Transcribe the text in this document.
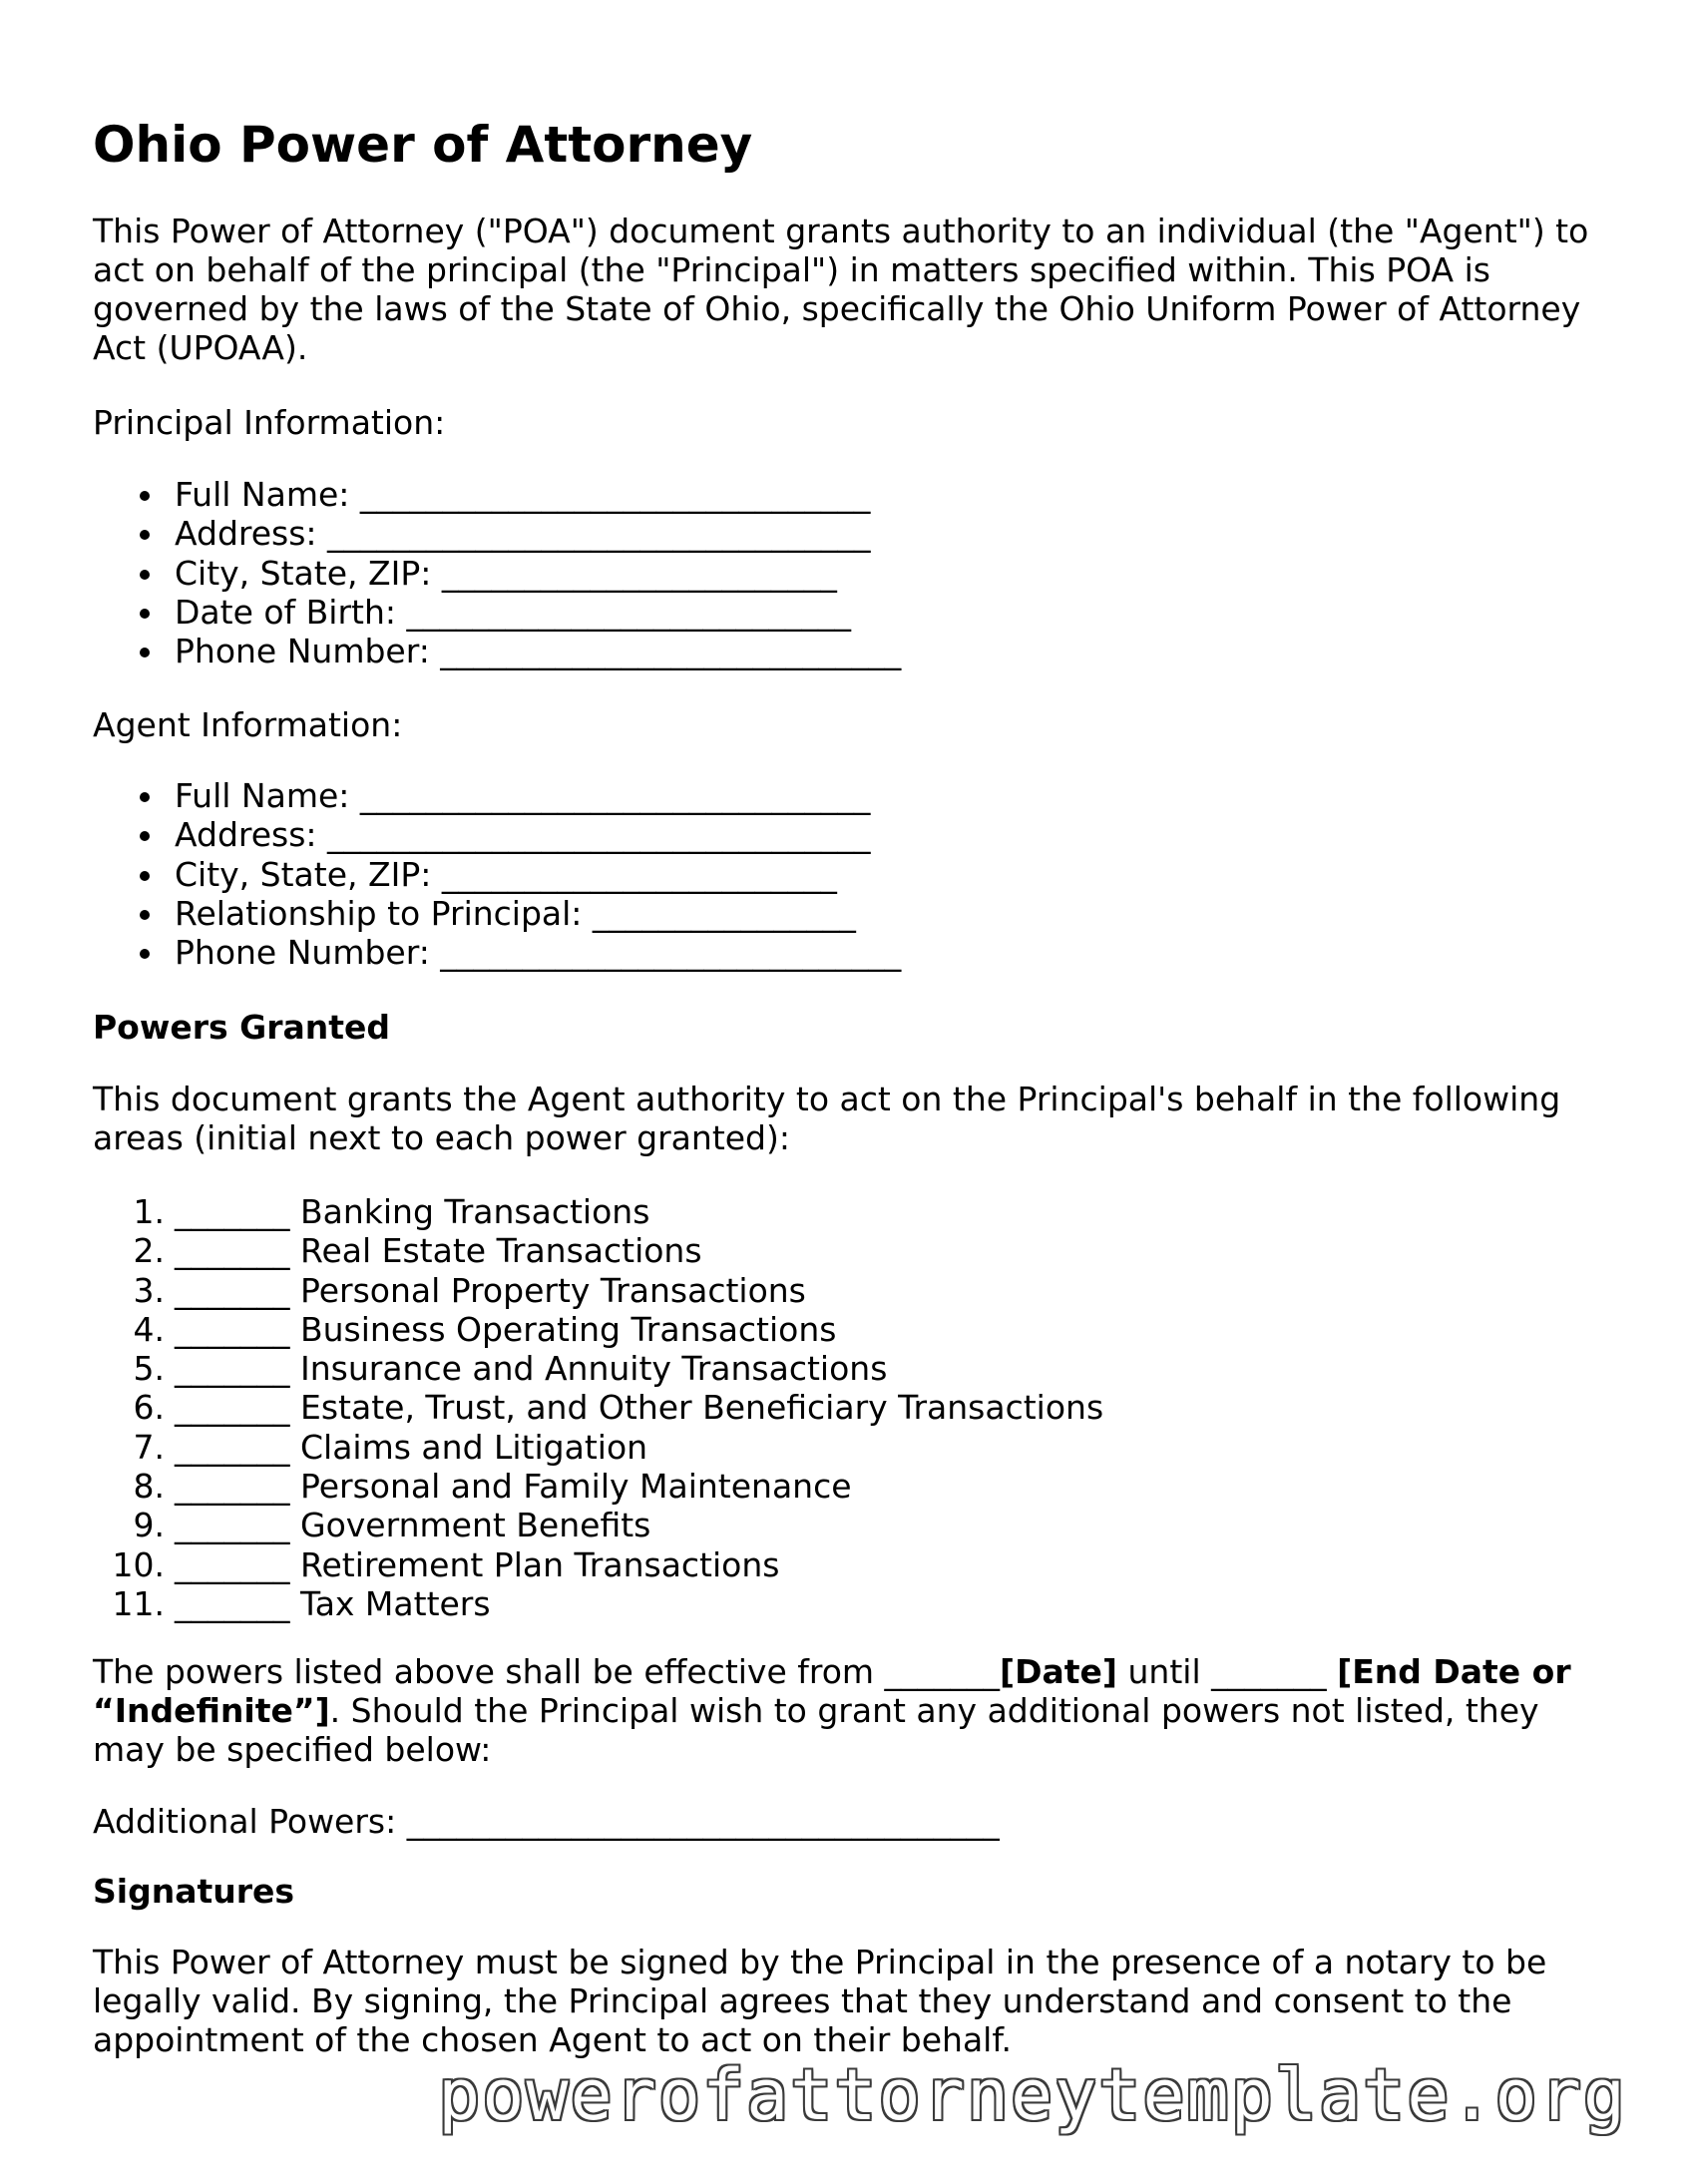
Ohio Power of Attorney

This Power of Attorney ("POA") document grants authority to an individual (the "Agent") to act on behalf of the principal (the "Principal") in matters specified within. This POA is governed by the laws of the State of Ohio, specifically the Ohio Uniform Power of Attorney Act (UPOAA).

Principal Information:

Full Name: _______________________________
Address: _________________________________
City, State, ZIP: ________________________
Date of Birth: ___________________________
Phone Number: ____________________________

Agent Information:

Full Name: _______________________________
Address: _________________________________
City, State, ZIP: ________________________
Relationship to Principal: ________________
Phone Number: ____________________________

Powers Granted

This document grants the Agent authority to act on the Principal's behalf in the following areas (initial next to each power granted):

1. _______ Banking Transactions
2. _______ Real Estate Transactions
3. _______ Personal Property Transactions
4. _______ Business Operating Transactions
5. _______ Insurance and Annuity Transactions
6. _______ Estate, Trust, and Other Beneficiary Transactions
7. _______ Claims and Litigation
8. _______ Personal and Family Maintenance
9. _______ Government Benefits
10. _______ Retirement Plan Transactions
11. _______ Tax Matters

The powers listed above shall be effective from _______[Date] until _______ [End Date or “Indefinite”]. Should the Principal wish to grant any additional powers not listed, they may be specified below:

Additional Powers: ____________________________________

Signatures

This Power of Attorney must be signed by the Principal in the presence of a notary to be legally valid. By signing, the Principal agrees that they understand and consent to the appointment of the chosen Agent to act on their behalf.

powerofattorneytemplate.org
